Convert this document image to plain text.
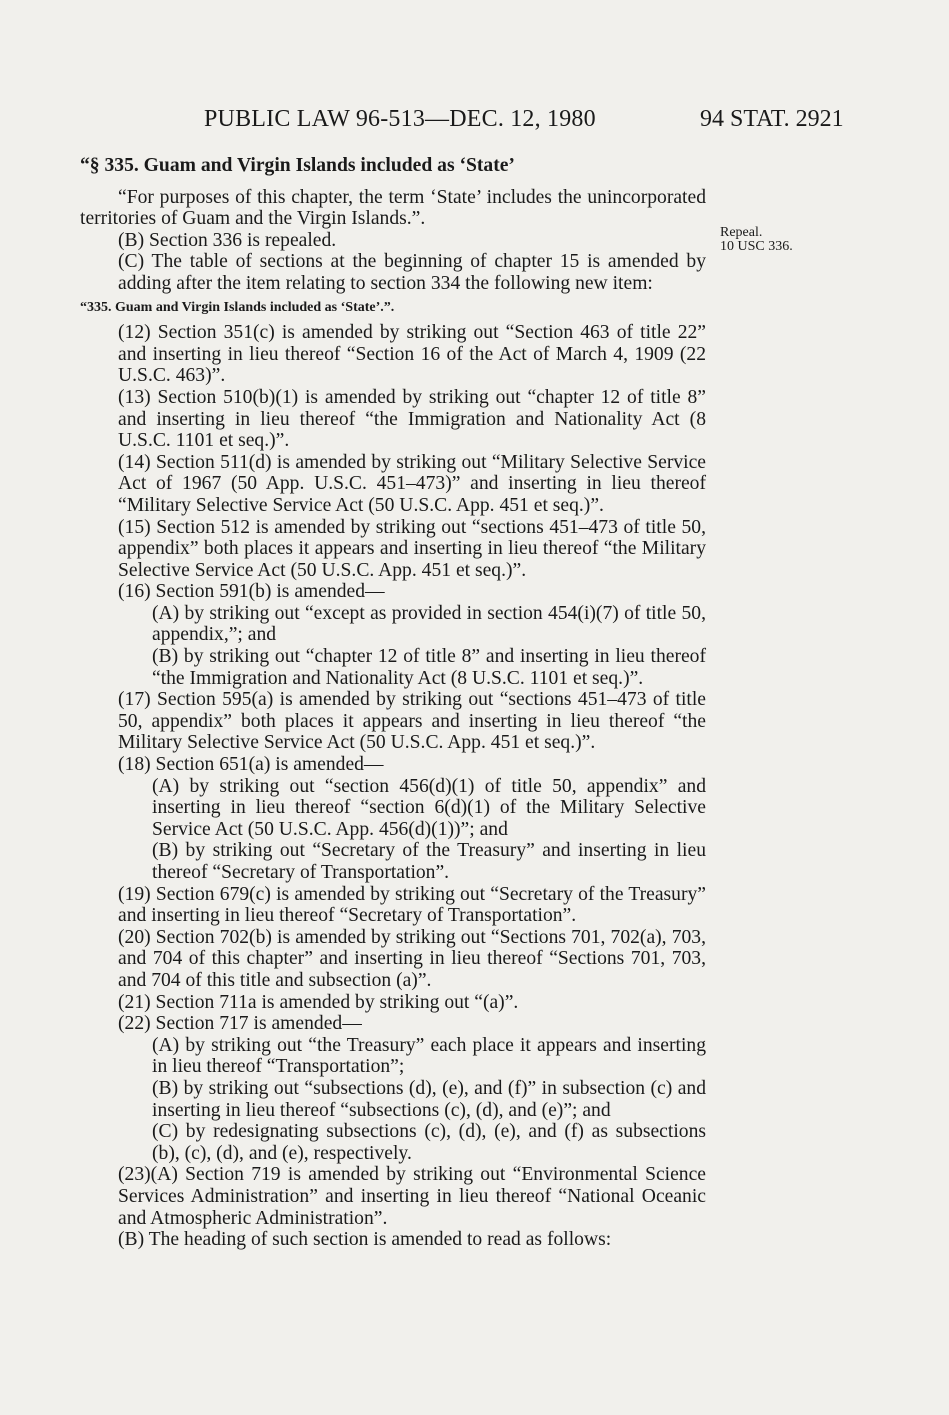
PUBLIC LAW 96-513—DEC. 12, 1980	94 STAT. 2921
Repeal.
10 USC 336.

“§ 335. Guam and Virgin Islands included as ‘State’

“For purposes of this chapter, the term ‘State’ includes the unincorporated territories of Guam and the Virgin Islands.”.

(B) Section 336 is repealed.

(C) The table of sections at the beginning of chapter 15 is amended by adding after the item relating to section 334 the following new item:

“335. Guam and Virgin Islands included as ‘State’.”.

(12) Section 351(c) is amended by striking out “Section 463 of title 22” and inserting in lieu thereof “Section 16 of the Act of March 4, 1909 (22 U.S.C. 463)”.

(13) Section 510(b)(1) is amended by striking out “chapter 12 of title 8” and inserting in lieu thereof “the Immigration and Nationality Act (8 U.S.C. 1101 et seq.)”.

(14) Section 511(d) is amended by striking out “Military Selective Service Act of 1967 (50 App. U.S.C. 451–473)” and inserting in lieu thereof “Military Selective Service Act (50 U.S.C. App. 451 et seq.)”.

(15) Section 512 is amended by striking out “sections 451–473 of title 50, appendix” both places it appears and inserting in lieu thereof “the Military Selective Service Act (50 U.S.C. App. 451 et seq.)”.

(16) Section 591(b) is amended—

(A) by striking out “except as provided in section 454(i)(7) of title 50, appendix,”; and

(B) by striking out “chapter 12 of title 8” and inserting in lieu thereof “the Immigration and Nationality Act (8 U.S.C. 1101 et seq.)”.

(17) Section 595(a) is amended by striking out “sections 451–473 of title 50, appendix” both places it appears and inserting in lieu thereof “the Military Selective Service Act (50 U.S.C. App. 451 et seq.)”.

(18) Section 651(a) is amended—

(A) by striking out “section 456(d)(1) of title 50, appendix” and inserting in lieu thereof “section 6(d)(1) of the Military Selective Service Act (50 U.S.C. App. 456(d)(1))”; and

(B) by striking out “Secretary of the Treasury” and inserting in lieu thereof “Secretary of Transportation”.

(19) Section 679(c) is amended by striking out “Secretary of the Treasury” and inserting in lieu thereof “Secretary of Transportation”.

(20) Section 702(b) is amended by striking out “Sections 701, 702(a), 703, and 704 of this chapter” and inserting in lieu thereof “Sections 701, 703, and 704 of this title and subsection (a)”.

(21) Section 711a is amended by striking out “(a)”.

(22) Section 717 is amended—

(A) by striking out “the Treasury” each place it appears and inserting in lieu thereof “Transportation”;

(B) by striking out “subsections (d), (e), and (f)” in subsection (c) and inserting in lieu thereof “subsections (c), (d), and (e)”; and

(C) by redesignating subsections (c), (d), (e), and (f) as subsections (b), (c), (d), and (e), respectively.

(23)(A) Section 719 is amended by striking out “Environmental Science Services Administration” and inserting in lieu thereof “National Oceanic and Atmospheric Administration”.

(B) The heading of such section is amended to read as follows:
